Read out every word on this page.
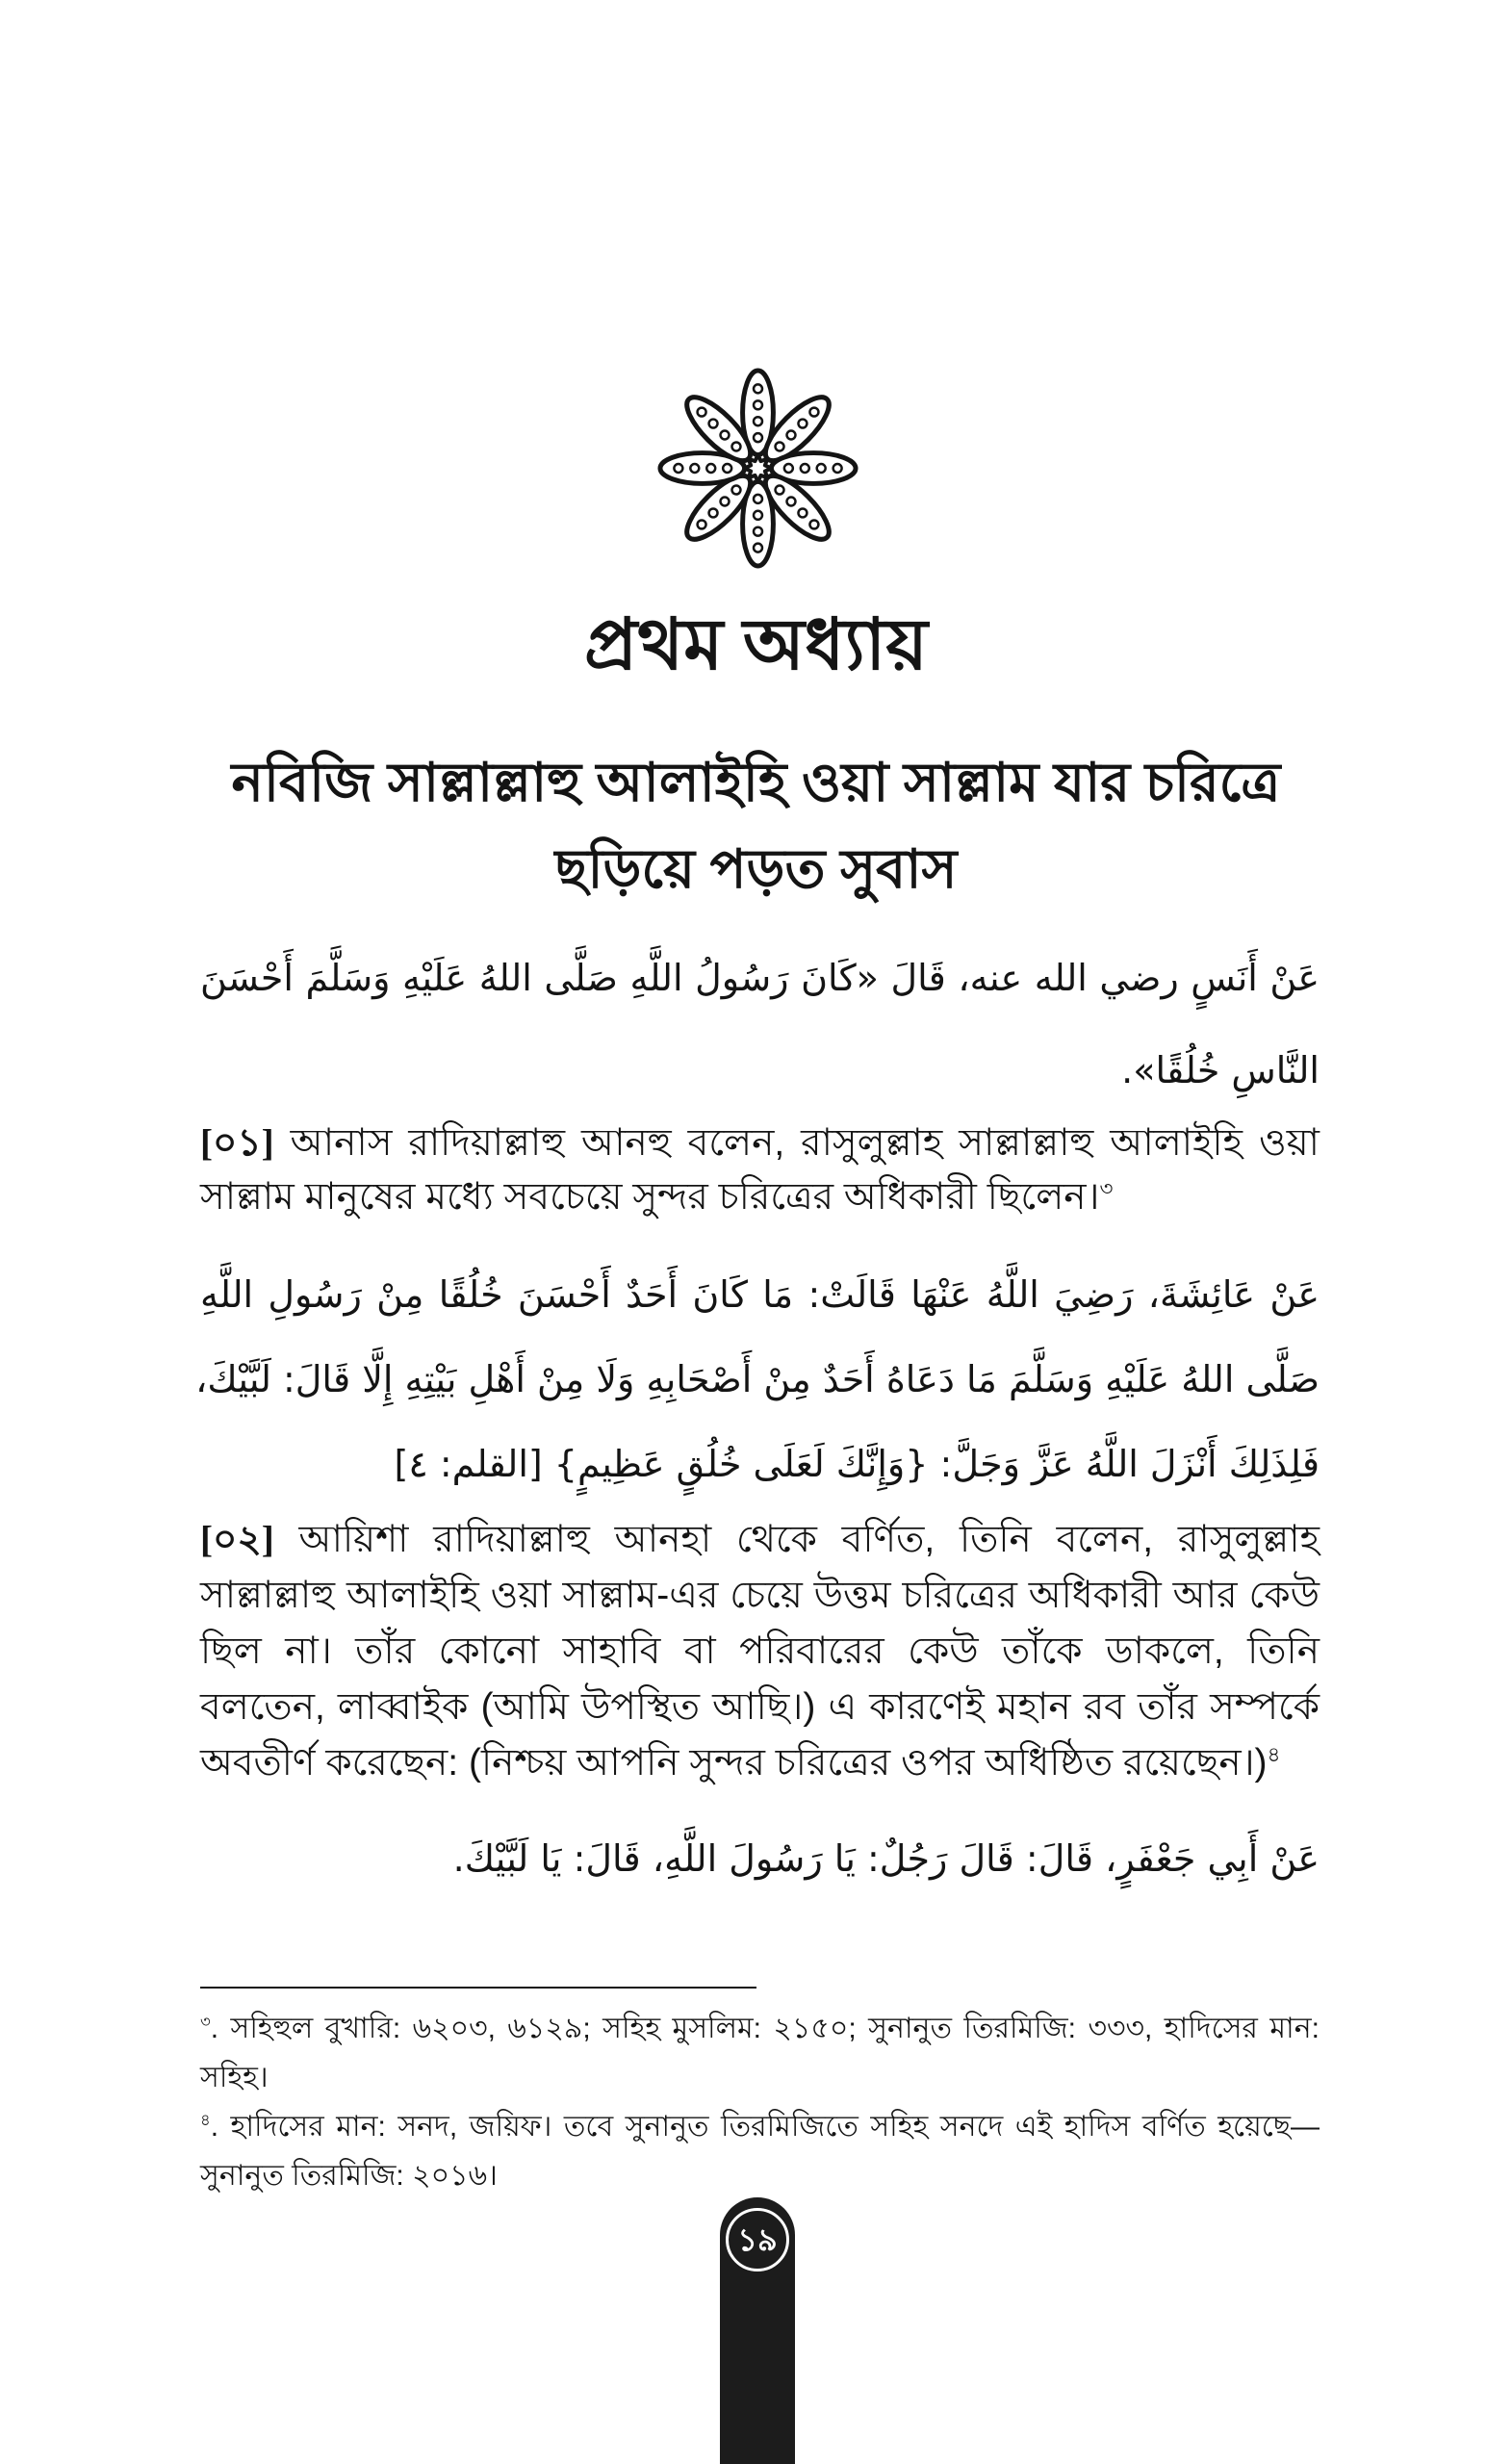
প্রথম অধ্যায়
নবিজি সাল্লাল্লাহু আলাইহি ওয়া সাল্লাম যার চরিত্রে
ছড়িয়ে পড়ত সুবাস
عَنْ أَنَسٍ رضي الله عنه، قَالَ «كَانَ رَسُولُ اللَّهِ صَلَّى اللهُ عَلَيْهِ وَسَلَّمَ أَحْسَنَ
النَّاسِ خُلُقًا».

[০১] আনাস রাদিয়াল্লাহু আনহু বলেন, রাসুলুল্লাহ সাল্লাল্লাহু আলাইহি ওয়া সাল্লাম মানুষের মধ্যে সবচেয়ে সুন্দর চরিত্রের অধিকারী ছিলেন।$^৩$

عَنْ عَائِشَةَ، رَضِيَ اللَّهُ عَنْهَا قَالَتْ: مَا كَانَ أَحَدٌ أَحْسَنَ خُلُقًا مِنْ رَسُولِ اللَّهِ
صَلَّى اللهُ عَلَيْهِ وَسَلَّمَ مَا دَعَاهُ أَحَدٌ مِنْ أَصْحَابِهِ وَلَا مِنْ أَهْلِ بَيْتِهِ إِلَّا قَالَ: لَبَّيْكَ،
فَلِذَلِكَ أَنْزَلَ اللَّهُ عَزَّ وَجَلَّ: {وَإِنَّكَ لَعَلَى خُلُقٍ عَظِيمٍ} [القلم: ٤]

[০২] আয়িশা রাদিয়াল্লাহু আনহা থেকে বর্ণিত, তিনি বলেন, রাসুলুল্লাহ সাল্লাল্লাহু আলাইহি ওয়া সাল্লাম-এর চেয়ে উত্তম চরিত্রের অধিকারী আর কেউ ছিল না। তাঁর কোনো সাহাবি বা পরিবারের কেউ তাঁকে ডাকলে, তিনি বলতেন, লাব্বাইক (আমি উপস্থিত আছি।) এ কারণেই মহান রব তাঁর সম্পর্কে অবতীর্ণ করেছেন: (নিশ্চয় আপনি সুন্দর চরিত্রের ওপর অধিষ্ঠিত রয়েছেন।)$^৪$

عَنْ أَبِي جَعْفَرٍ، قَالَ: قَالَ رَجُلٌ: يَا رَسُولَ اللَّهِ، قَالَ: يَا لَبَّيْكَ.

$^৩$. সহিহুল বুখারি: ৬২০৩, ৬১২৯; সহিহ মুসলিম: ২১৫০; সুনানুত তিরমিজি: ৩৩৩, হাদিসের মান: সহিহ।

$^৪$. হাদিসের মান: সনদ, জয়িফ। তবে সুনানুত তিরমিজিতে সহিহ সনদে এই হাদিস বর্ণিত হয়েছে—সুনানুত তিরমিজি: ২০১৬।

১৯
